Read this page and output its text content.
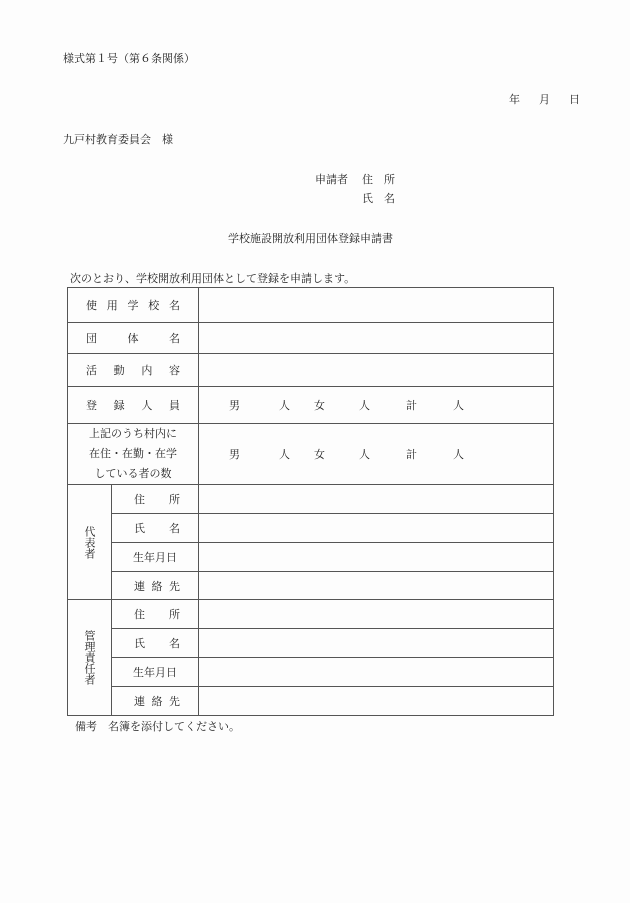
様式第１号（第６条関係）
年 月 日
九戸村教育委員会　様
申請者 住　所
氏　名
学校施設開放利用団体登録申請書
次のとおり、学校開放利用団体として登録を申請します。
使 用 学 校 名		

団 体 名		

活 動 内 容		

登 録 人 員	男	人	女	人	計	人

上記のうち村内に
在住・在勤・在学
している者の数

男	人	女	人	計	人

代表者	住 所	

	氏 名	

	生年月日	

	連 絡 先	

管理責任者	住 所	

	氏 名	

	生年月日	

	連 絡 先	

備考　名簿を添付してください。
